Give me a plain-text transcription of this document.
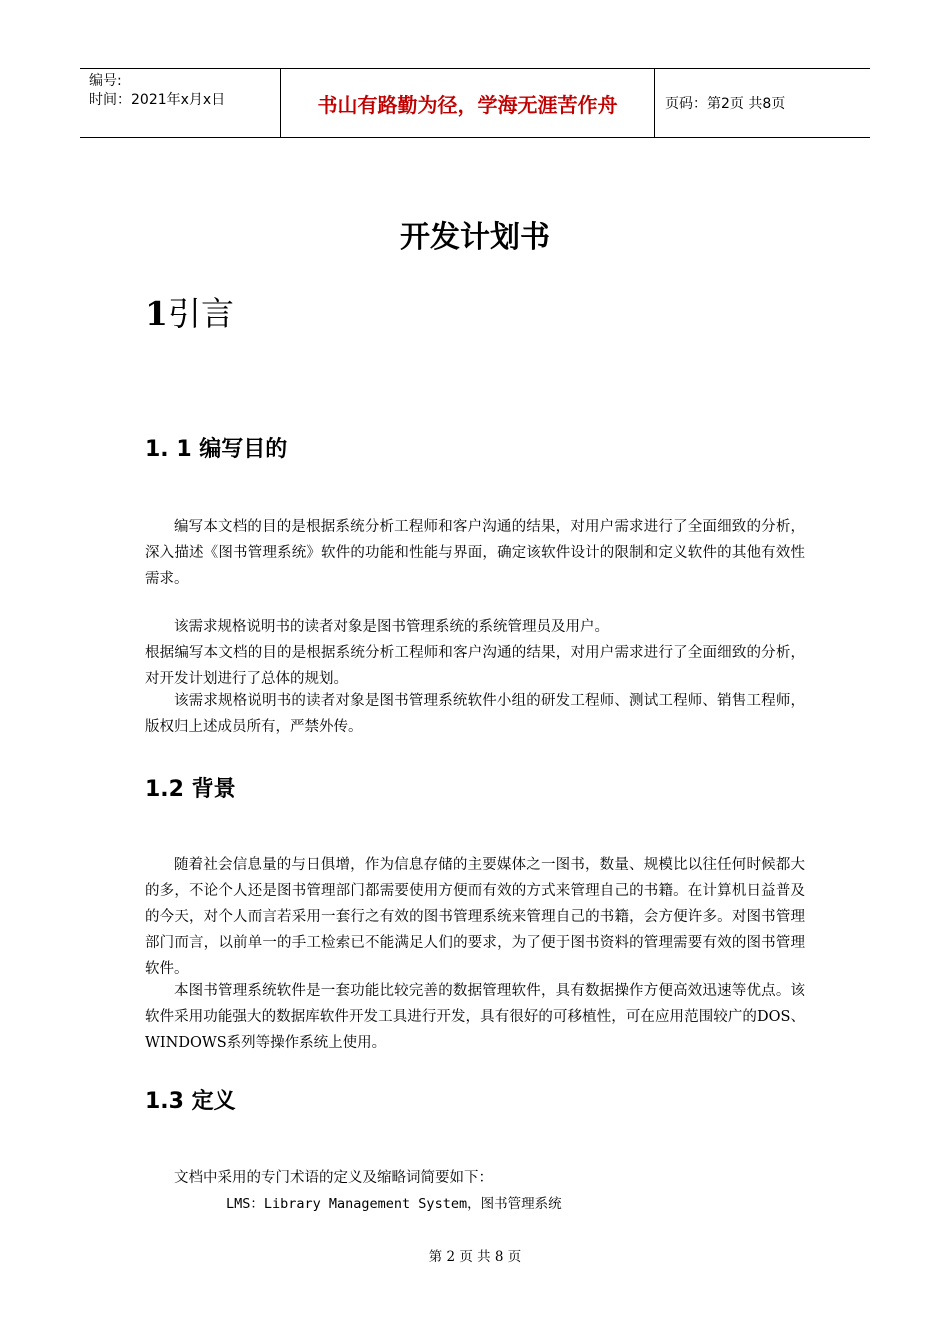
编号:
时间：2021年x月x日	书山有路勤为径，学海无涯苦作舟	页码：第2页 共8页
开发计划书
1引言
1. 1 编写目的

编写本文档的目的是根据系统分析工程师和客户沟通的结果，对用户需求进行了全面细致的分析，深入描述《图书管理系统》软件的功能和性能与界面，确定该软件设计的限制和定义软件的其他有效性需求。

该需求规格说明书的读者对象是图书管理系统的系统管理员及用户。

根据编写本文档的目的是根据系统分析工程师和客户沟通的结果，对用户需求进行了全面细致的分析，对开发计划进行了总体的规划。

该需求规格说明书的读者对象是图书管理系统软件小组的研发工程师、测试工程师、销售工程师，版权归上述成员所有，严禁外传。

1.2 背景

随着社会信息量的与日俱增，作为信息存储的主要媒体之一图书，数量、规模比以往任何时候都大的多，不论个人还是图书管理部门都需要使用方便而有效的方式来管理自己的书籍。在计算机日益普及的今天，对个人而言若采用一套行之有效的图书管理系统来管理自己的书籍，会方便许多。对图书管理部门而言，以前单一的手工检索已不能满足人们的要求，为了便于图书资料的管理需要有效的图书管理软件。

本图书管理系统软件是一套功能比较完善的数据管理软件，具有数据操作方便高效迅速等优点。该软件采用功能强大的数据库软件开发工具进行开发，具有很好的可移植性，可在应用范围较广的DOS、WINDOWS系列等操作系统上使用。

1.3 定义

文档中采用的专门术语的定义及缩略词简要如下：

LMS：Library Management System，图书管理系统

第 2 页 共 8 页
